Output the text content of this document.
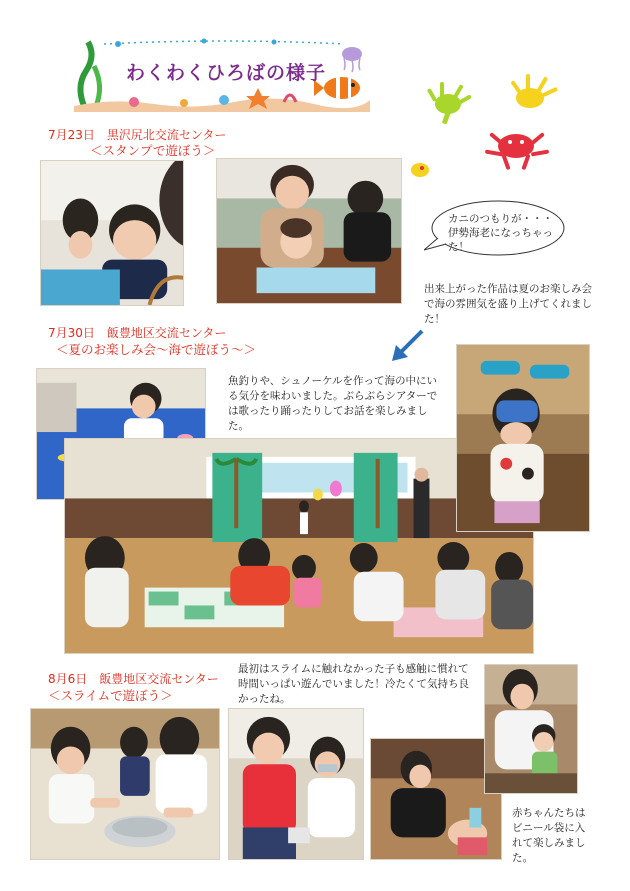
わくわくひろばの様子
7月23日　黒沢尻北交流センター
＜スタンプで遊ぼう＞
カニのつもりが・・・伊勢海老になっちゃった！
出来上がった作品は夏のお楽しみ会で海の雰囲気を盛り上げてくれました！
7月30日　飯豊地区交流センター
＜夏のお楽しみ会～海で遊ぼう～＞
魚釣りや、シュノーケルを作って海の中にいる気分を味わいました。ぶらぶらシアターでは歌ったり踊ったりしてお話を楽しみました。
8月6日　飯豊地区交流センター
＜スライムで遊ぼう＞
最初はスライムに触れなかった子も感触に慣れて時間いっぱい遊んでいました！冷たくて気持ち良かったね。
赤ちゃんたちはビニール袋に入れて楽しみました。
